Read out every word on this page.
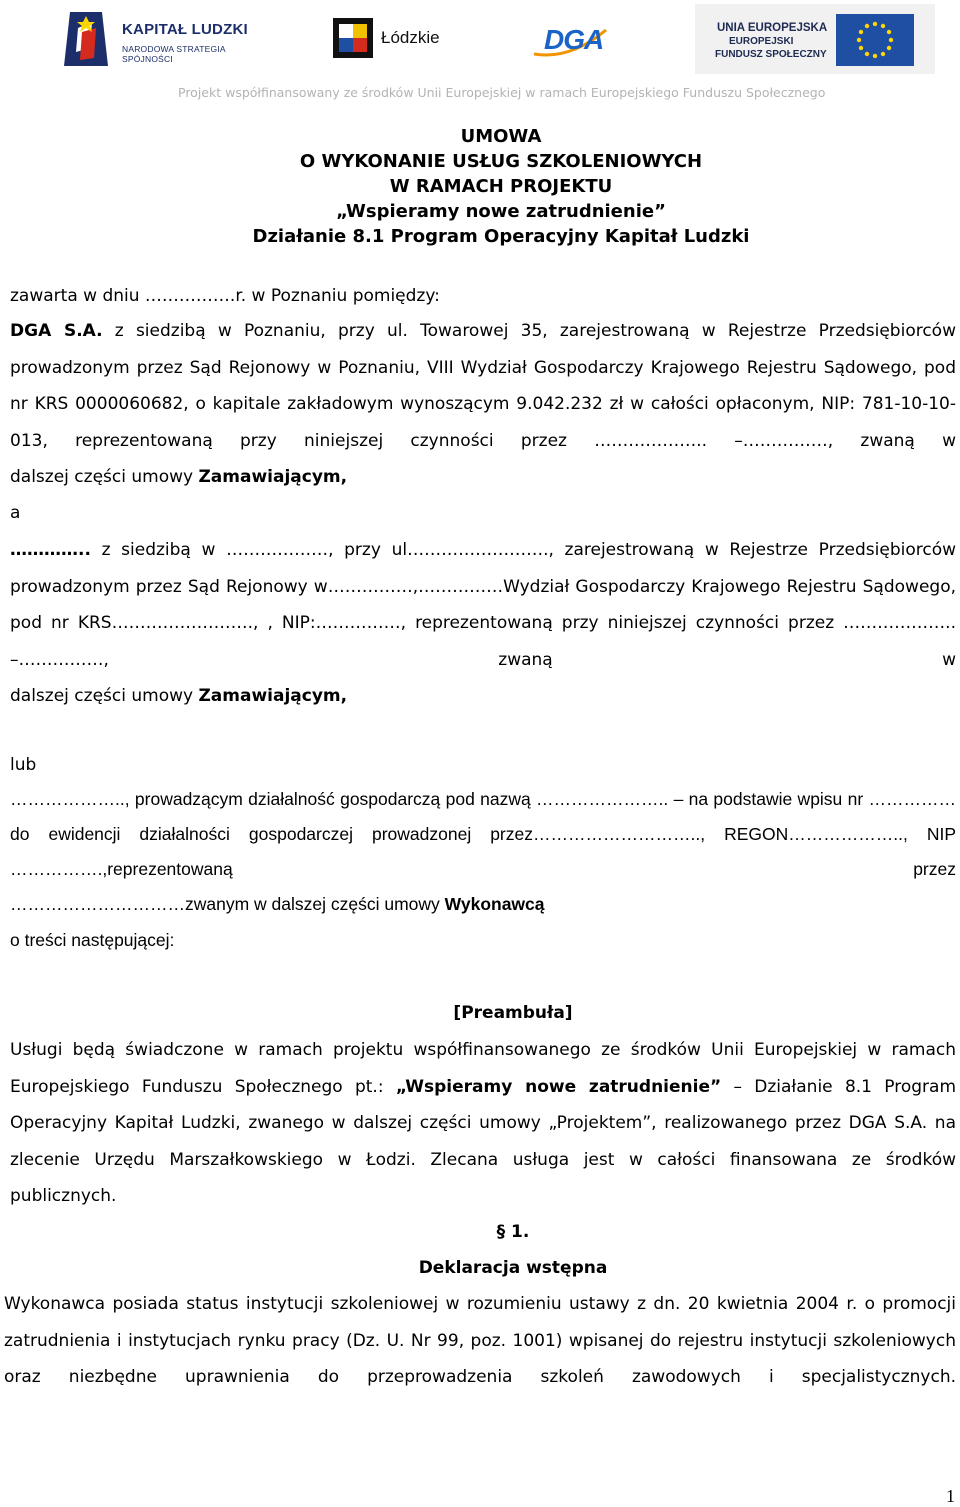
KAPITAŁ LUDZKI
NARODOWA STRATEGIA SPÓJNOŚCI
Łódzkie	DGA	UNIA EUROPEJSKA
EUROPEJSKI
FUNDUSZ SPOŁECZNY
Projekt współfinansowany ze środków Unii Europejskiej w ramach Europejskiego Funduszu Społecznego
UMOWA
O WYKONANIE USŁUG SZKOLENIOWYCH
W RAMACH PROJEKTU
„Wspieramy nowe zatrudnienie”
Działanie 8.1 Program Operacyjny Kapitał Ludzki
zawarta w dniu …………….r. w Poznaniu pomiędzy:
DGA S.A. z siedzibą w Poznaniu, przy ul. Towarowej 35, zarejestrowaną w Rejestrze Przedsiębiorców prowadzonym przez Sąd Rejonowy w Poznaniu, VIII Wydział Gospodarczy Krajowego Rejestru Sądowego, pod nr KRS 0000060682, o kapitale zakładowym wynoszącym 9.042.232 zł w całości opłaconym, NIP: 781-10-10-013, reprezentowaną przy niniejszej czynności przez ……………….. –……………, zwaną w
dalszej części umowy Zamawiającym,
a
………….. z siedzibą w ………………, przy ul……………………., zarejestrowaną w Rejestrze Przedsiębiorców prowadzonym przez Sąd Rejonowy w……………,……………Wydział Gospodarczy Krajowego Rejestru Sądowego, pod nr KRS……………………., , NIP:……………, reprezentowaną przy niniejszej czynności przez ……………….. –……………, zwaną w
dalszej części umowy Zamawiającym,
lub
……………….., prowadzącym działalność gospodarczą pod nazwą ………………….. – na podstawie wpisu nr ……………do ewidencji działalności gospodarczej prowadzonej przez……………………….., REGON……………….., NIP …………….,reprezentowaną przez
…………………………zwanym w dalszej części umowy Wykonawcą
o treści następującej:
[Preambuła]
Usługi będą świadczone w ramach projektu współfinansowanego ze środków Unii Europejskiej w ramach Europejskiego Funduszu Społecznego pt.: „Wspieramy nowe zatrudnienie” – Działanie 8.1 Program Operacyjny Kapitał Ludzki, zwanego w dalszej części umowy „Projektem”, realizowanego przez DGA S.A. na zlecenie Urzędu Marszałkowskiego w Łodzi. Zlecana usługa jest w całości finansowana ze środków publicznych.
§ 1.
Deklaracja wstępna
Wykonawca posiada status instytucji szkoleniowej w rozumieniu ustawy z dn. 20 kwietnia 2004 r. o promocji zatrudnienia i instytucjach rynku pracy (Dz. U. Nr 99, poz. 1001) wpisanej do rejestru instytucji szkoleniowych oraz niezbędne uprawnienia do przeprowadzenia szkoleń zawodowych i specjalistycznych.
1
